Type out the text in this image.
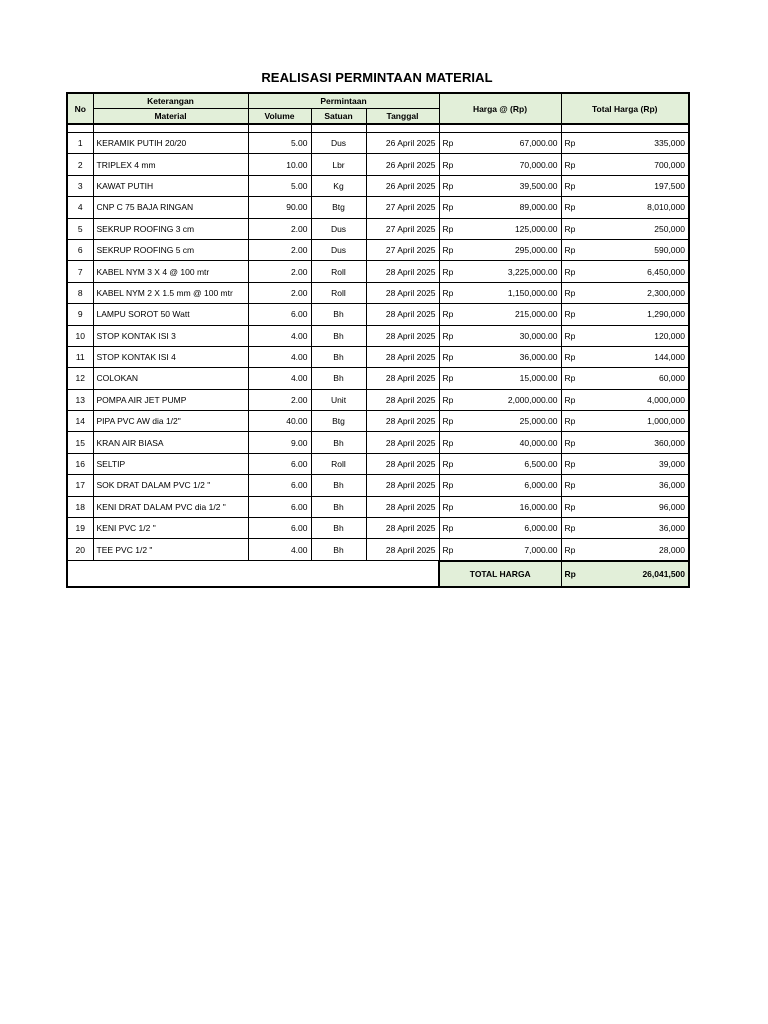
REALISASI PERMINTAAN MATERIAL
No	Keterangan	Permintaan			Harga @ (Rp)		Total Harga (Rp)	
	Material	Volume	Satuan	Tanggal				

1	KERAMIK PUTIH 20/20	5.00	Dus	26 April 2025	Rp	67,000.00	Rp	335,000
2	TRIPLEX 4 mm	10.00	Lbr	26 April 2025	Rp	70,000.00	Rp	700,000
3	KAWAT PUTIH	5.00	Kg	26 April 2025	Rp	39,500.00	Rp	197,500
4	CNP C 75 BAJA RINGAN	90.00	Btg	27 April 2025	Rp	89,000.00	Rp	8,010,000
5	SEKRUP ROOFING 3 cm	2.00	Dus	27 April 2025	Rp	125,000.00	Rp	250,000
6	SEKRUP ROOFING 5 cm	2.00	Dus	27 April 2025	Rp	295,000.00	Rp	590,000
7	KABEL NYM 3 X 4 @ 100 mtr	2.00	Roll	28 April 2025	Rp	3,225,000.00	Rp	6,450,000
8	KABEL NYM 2 X 1.5 mm @ 100 mtr	2.00	Roll	28 April 2025	Rp	1,150,000.00	Rp	2,300,000
9	LAMPU SOROT 50 Watt	6.00	Bh	28 April 2025	Rp	215,000.00	Rp	1,290,000
10	STOP KONTAK ISI 3	4.00	Bh	28 April 2025	Rp	30,000.00	Rp	120,000
11	STOP KONTAK ISI 4	4.00	Bh	28 April 2025	Rp	36,000.00	Rp	144,000
12	COLOKAN	4.00	Bh	28 April 2025	Rp	15,000.00	Rp	60,000
13	POMPA AIR JET PUMP	2.00	Unit	28 April 2025	Rp	2,000,000.00	Rp	4,000,000
14	PIPA PVC AW dia 1/2"	40.00	Btg	28 April 2025	Rp	25,000.00	Rp	1,000,000
15	KRAN AIR BIASA	9.00	Bh	28 April 2025	Rp	40,000.00	Rp	360,000
16	SELTIP	6.00	Roll	28 April 2025	Rp	6,500.00	Rp	39,000
17	SOK DRAT DALAM PVC 1/2 "	6.00	Bh	28 April 2025	Rp	6,000.00	Rp	36,000
18	KENI DRAT DALAM PVC dia 1/2 "	6.00	Bh	28 April 2025	Rp	16,000.00	Rp	96,000
19	KENI PVC 1/2 "	6.00	Bh	28 April 2025	Rp	6,000.00	Rp	36,000
20	TEE PVC 1/2 "	4.00	Bh	28 April 2025	Rp	7,000.00	Rp	28,000
					TOTAL HARGA		Rp	26,041,500
